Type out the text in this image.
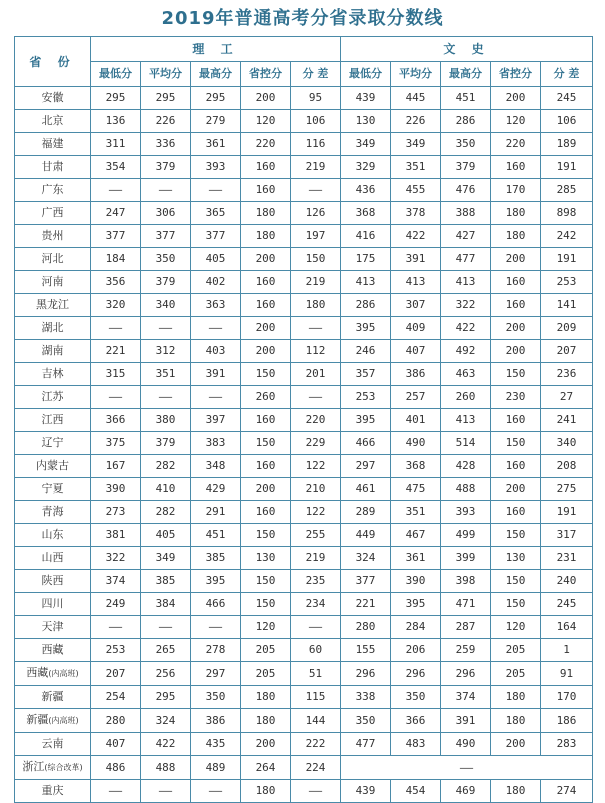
2019年普通高考分省录取分数线
省 份	理 工					文 史				
	最低分	平均分	最高分	省控分	分 差	最低分	平均分	最高分	省控分	分 差
安徽	295	295	295	200	95	439	445	451	200	245
北京	136	226	279	120	106	130	226	286	120	106
福建	311	336	361	220	116	349	349	350	220	189
甘肃	354	379	393	160	219	329	351	379	160	191
广东	——	——	——	160	——	436	455	476	170	285
广西	247	306	365	180	126	368	378	388	180	898
贵州	377	377	377	180	197	416	422	427	180	242
河北	184	350	405	200	150	175	391	477	200	191
河南	356	379	402	160	219	413	413	413	160	253
黑龙江	320	340	363	160	180	286	307	322	160	141
湖北	——	——	——	200	——	395	409	422	200	209
湖南	221	312	403	200	112	246	407	492	200	207
吉林	315	351	391	150	201	357	386	463	150	236
江苏	——	——	——	260	——	253	257	260	230	27
江西	366	380	397	160	220	395	401	413	160	241
辽宁	375	379	383	150	229	466	490	514	150	340
内蒙古	167	282	348	160	122	297	368	428	160	208
宁夏	390	410	429	200	210	461	475	488	200	275
青海	273	282	291	160	122	289	351	393	160	191
山东	381	405	451	150	255	449	467	499	150	317
山西	322	349	385	130	219	324	361	399	130	231
陕西	374	385	395	150	235	377	390	398	150	240
四川	249	384	466	150	234	221	395	471	150	245
天津	——	——	——	120	——	280	284	287	120	164
西藏	253	265	278	205	60	155	206	259	205	1
西藏(内高班)	207	256	297	205	51	296	296	296	205	91
新疆	254	295	350	180	115	338	350	374	180	170
新疆(内高班)	280	324	386	180	144	350	366	391	180	186
云南	407	422	435	200	222	477	483	490	200	283
浙江(综合改革)	486	488	489	264	224	——				
重庆	——	——	——	180	——	439	454	469	180	274
